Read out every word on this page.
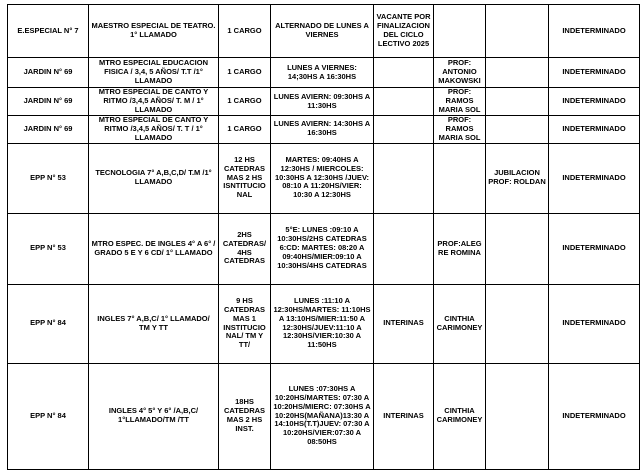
E.ESPECIAL N° 7	MAESTRO ESPECIAL DE TEATRO. 1° LLAMADO	1 CARGO	ALTERNADO DE LUNES A VIERNES	VACANTE POR FINALIZACION DEL CICLO LECTIVO 2025			INDETERMINADO
JARDIN N° 69	MTRO ESPECIAL EDUCACION FISICA / 3,4, 5 AÑOS/ T.T /1° LLAMADO	1 CARGO	LUNES A VIERNES: 14;30HS A 16:30HS		PROF: ANTONIO MAKOWSKI		INDETERMINADO
JARDIN N° 69	MTRO ESPECIAL DE CANTO Y RITMO /3,4,5 AÑOS/ T. M / 1° LLAMADO	1 CARGO	LUNES AVIERN: 09:30HS A 11:30HS		PROF: RAMOS MARIA SOL		INDETERMINADO
JARDIN N° 69	MTRO ESPECIAL DE CANTO Y RITMO /3,4,5 AÑOS/ T. T / 1° LLAMADO	1 CARGO	LUNES AVIERN: 14:30HS A 16:30HS		PROF: RAMOS MARIA SOL		INDETERMINADO
EPP N° 53	TECNOLOGIA 7° A,B,C,D/ T.M /1° LLAMADO	12 HS CATEDRAS MAS 2 HS ISNTITUCIONAL	MARTES: 09:40HS A 12:30HS / MIERCOLES: 10:30HS A 12:30HS /JUEV: 08:10 A 11:20HS/VIER: 10:30 A 12:30HS			JUBILACION PROF: ROLDAN	INDETERMINADO
EPP N° 53	MTRO ESPEC. DE INGLES 4° A 6° / GRADO 5 E Y 6 CD/ 1° LLAMADO	2HS CATEDRAS/ 4HS CATEDRAS	5°E: LUNES :09:10 A 10:30HS/2HS CATEDRAS 6:CD: MARTES: 08:20 A 09:40HS/MIER:09:10 A 10:30HS/4HS CATEDRAS		PROF:ALEGRE ROMINA		INDETERMINADO
EPP N° 84	INGLES 7° A,B,C/ 1° LLAMADO/ TM Y TT	9 HS CATEDRAS MAS 1 INSTITUCIONAL/ TM Y TT/	LUNES :11:10 A 12:30HS/MARTES: 11:10HS A 13:10HS/MIER:11:50 A 12:30HS/JUEV:11:10 A 12:30HS/VIER:10:30 A 11:50HS	INTERINAS	CINTHIA CARIMONEY		INDETERMINADO
EPP N° 84	INGLES 4° 5° Y 6° /A,B,C/ 1°LLAMADO/TM /TT	18HS CATEDRAS MAS 2 HS INST.	LUNES :07:30HS A 10:20HS/MARTES: 07:30 A 10:20HS/MIERC: 07:30HS A 10:20HS(MAÑANA)13:30 A 14:10HS(T.T)JUEV: 07:30 A 10:20HS/VIER:07:30 A 08:50HS	INTERINAS	CINTHIA CARIMONEY		INDETERMINADO
